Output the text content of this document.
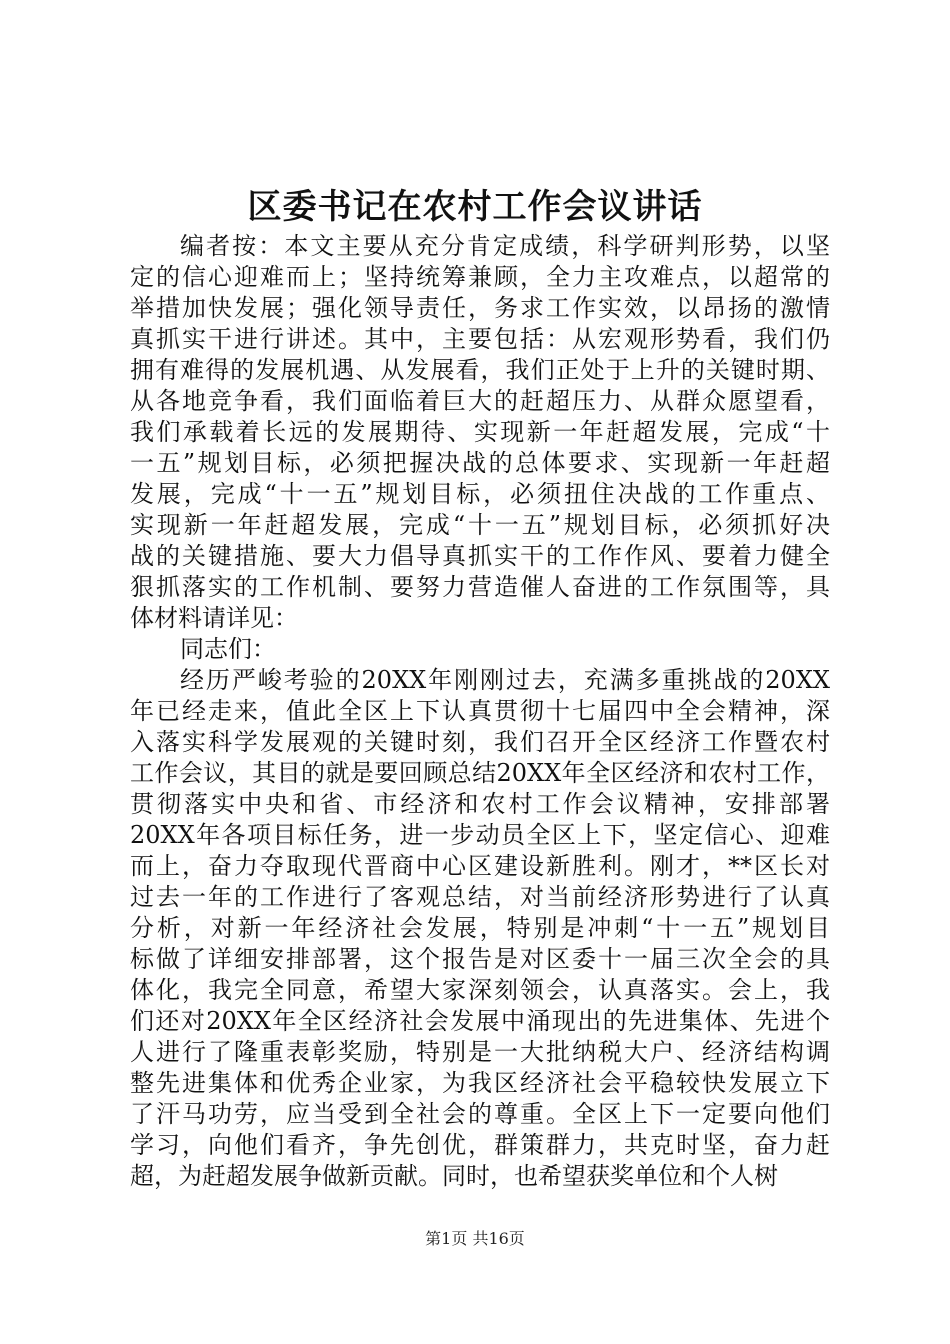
区委书记在农村工作会议讲话
编者按：本文主要从充分肯定成绩，科学研判形势，以坚
定的信心迎难而上；坚持统筹兼顾，全力主攻难点，以超常的
举措加快发展；强化领导责任，务求工作实效，以昂扬的激情
真抓实干进行讲述。其中，主要包括：从宏观形势看，我们仍
拥有难得的发展机遇、从发展看，我们正处于上升的关键时期、
从各地竞争看，我们面临着巨大的赶超压力、从群众愿望看，
我们承载着长远的发展期待、实现新一年赶超发展，完成“十
一五”规划目标，必须把握决战的总体要求、实现新一年赶超
发展，完成“十一五”规划目标，必须扭住决战的工作重点、
实现新一年赶超发展，完成“十一五”规划目标，必须抓好决
战的关键措施、要大力倡导真抓实干的工作作风、要着力健全
狠抓落实的工作机制、要努力营造催人奋进的工作氛围等，具
体材料请详见：
同志们：
经历严峻考验的20XX年刚刚过去，充满多重挑战的20XX
年已经走来，值此全区上下认真贯彻十七届四中全会精神，深
入落实科学发展观的关键时刻，我们召开全区经济工作暨农村
工作会议，其目的就是要回顾总结20XX年全区经济和农村工作，
贯彻落实中央和省、市经济和农村工作会议精神，安排部署
20XX年各项目标任务，进一步动员全区上下，坚定信心、迎难
而上，奋力夺取现代晋商中心区建设新胜利。刚才，**区长对
过去一年的工作进行了客观总结，对当前经济形势进行了认真
分析，对新一年经济社会发展，特别是冲刺“十一五”规划目
标做了详细安排部署，这个报告是对区委十一届三次全会的具
体化，我完全同意，希望大家深刻领会，认真落实。会上，我
们还对20XX年全区经济社会发展中涌现出的先进集体、先进个
人进行了隆重表彰奖励，特别是一大批纳税大户、经济结构调
整先进集体和优秀企业家，为我区经济社会平稳较快发展立下
了汗马功劳，应当受到全社会的尊重。全区上下一定要向他们
学习，向他们看齐，争先创优，群策群力，共克时坚，奋力赶
超，为赶超发展争做新贡献。同时，也希望获奖单位和个人树
第1页 共16页
